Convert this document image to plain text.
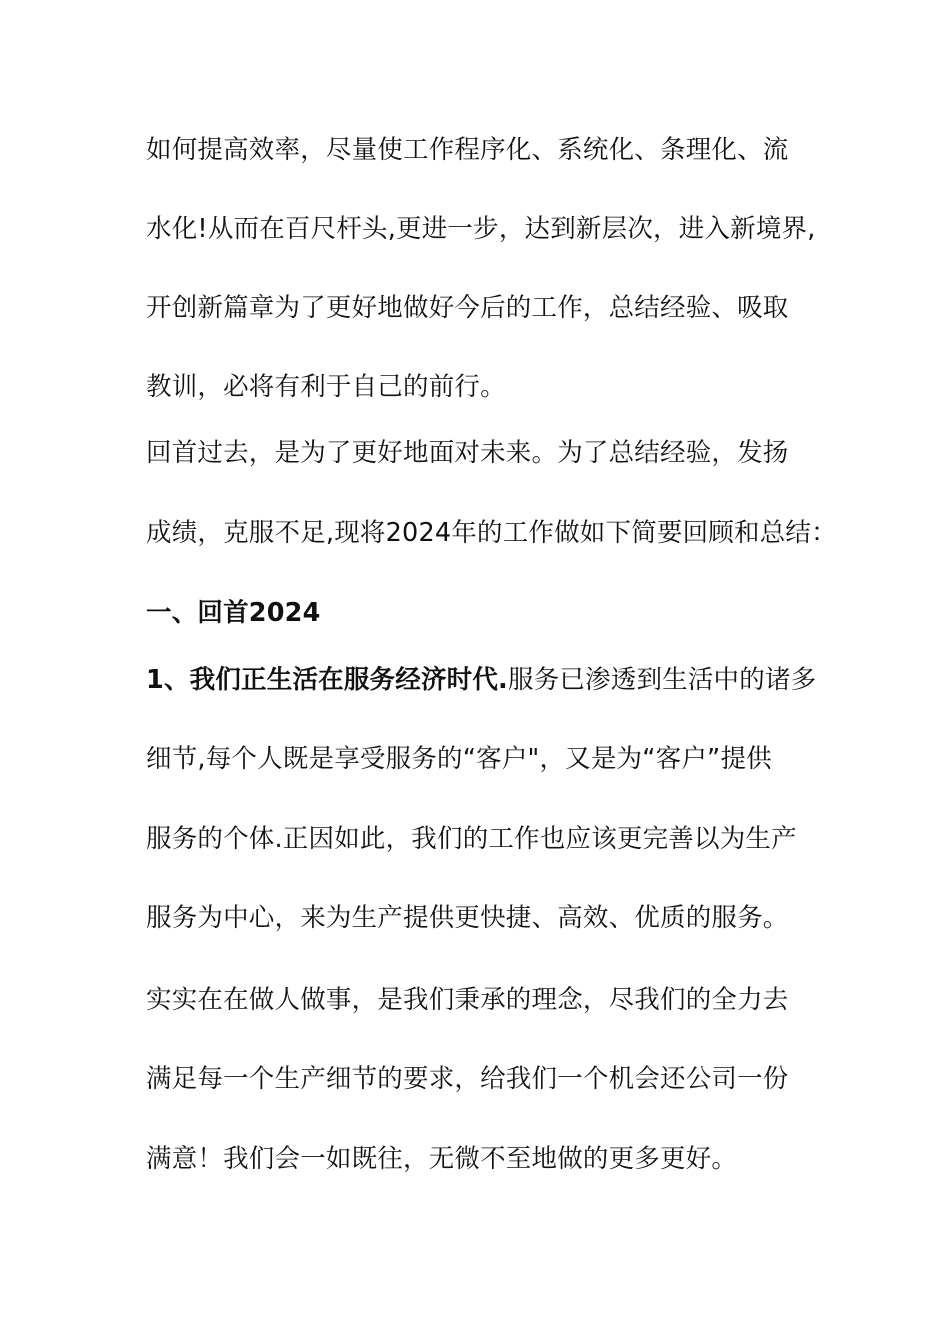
如何提高效率，尽量使工作程序化、系统化、条理化、流
水化!从而在百尺杆头,更进一步，达到新层次，进入新境界,
开创新篇章为了更好地做好今后的工作，总结经验、吸取
教训，必将有利于自己的前行。
回首过去，是为了更好地面对未来。为了总结经验，发扬
成绩，克服不足,现将2024年的工作做如下简要回顾和总结：
一、回首2024
1、我们正生活在服务经济时代.服务已渗透到生活中的诸多
细节,每个人既是享受服务的“客户"，又是为“客户”提供
服务的个体.正因如此，我们的工作也应该更完善以为生产
服务为中心，来为生产提供更快捷、高效、优质的服务。
实实在在做人做事，是我们秉承的理念，尽我们的全力去
满足每一个生产细节的要求，给我们一个机会还公司一份
满意！我们会一如既往，无微不至地做的更多更好。
